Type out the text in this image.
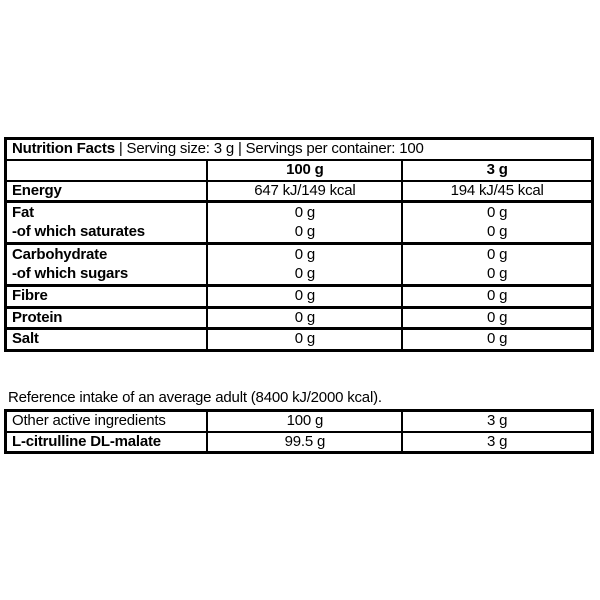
Nutrition Facts | Serving size: 3 g | Servings per container: 100		
	100 g	3 g
Energy	647 kJ/149 kcal	194 kJ/45 kcal
Fat	0 g	0 g
-of which saturates	0 g	0 g
Carbohydrate	0 g	0 g
-of which sugars	0 g	0 g
Fibre	0 g	0 g
Protein	0 g	0 g
Salt	0 g	0 g
Reference intake of an average adult (8400 kJ/2000 kcal).
Other active ingredients	100 g	3 g
L-citrulline DL-malate	99.5 g	3 g
